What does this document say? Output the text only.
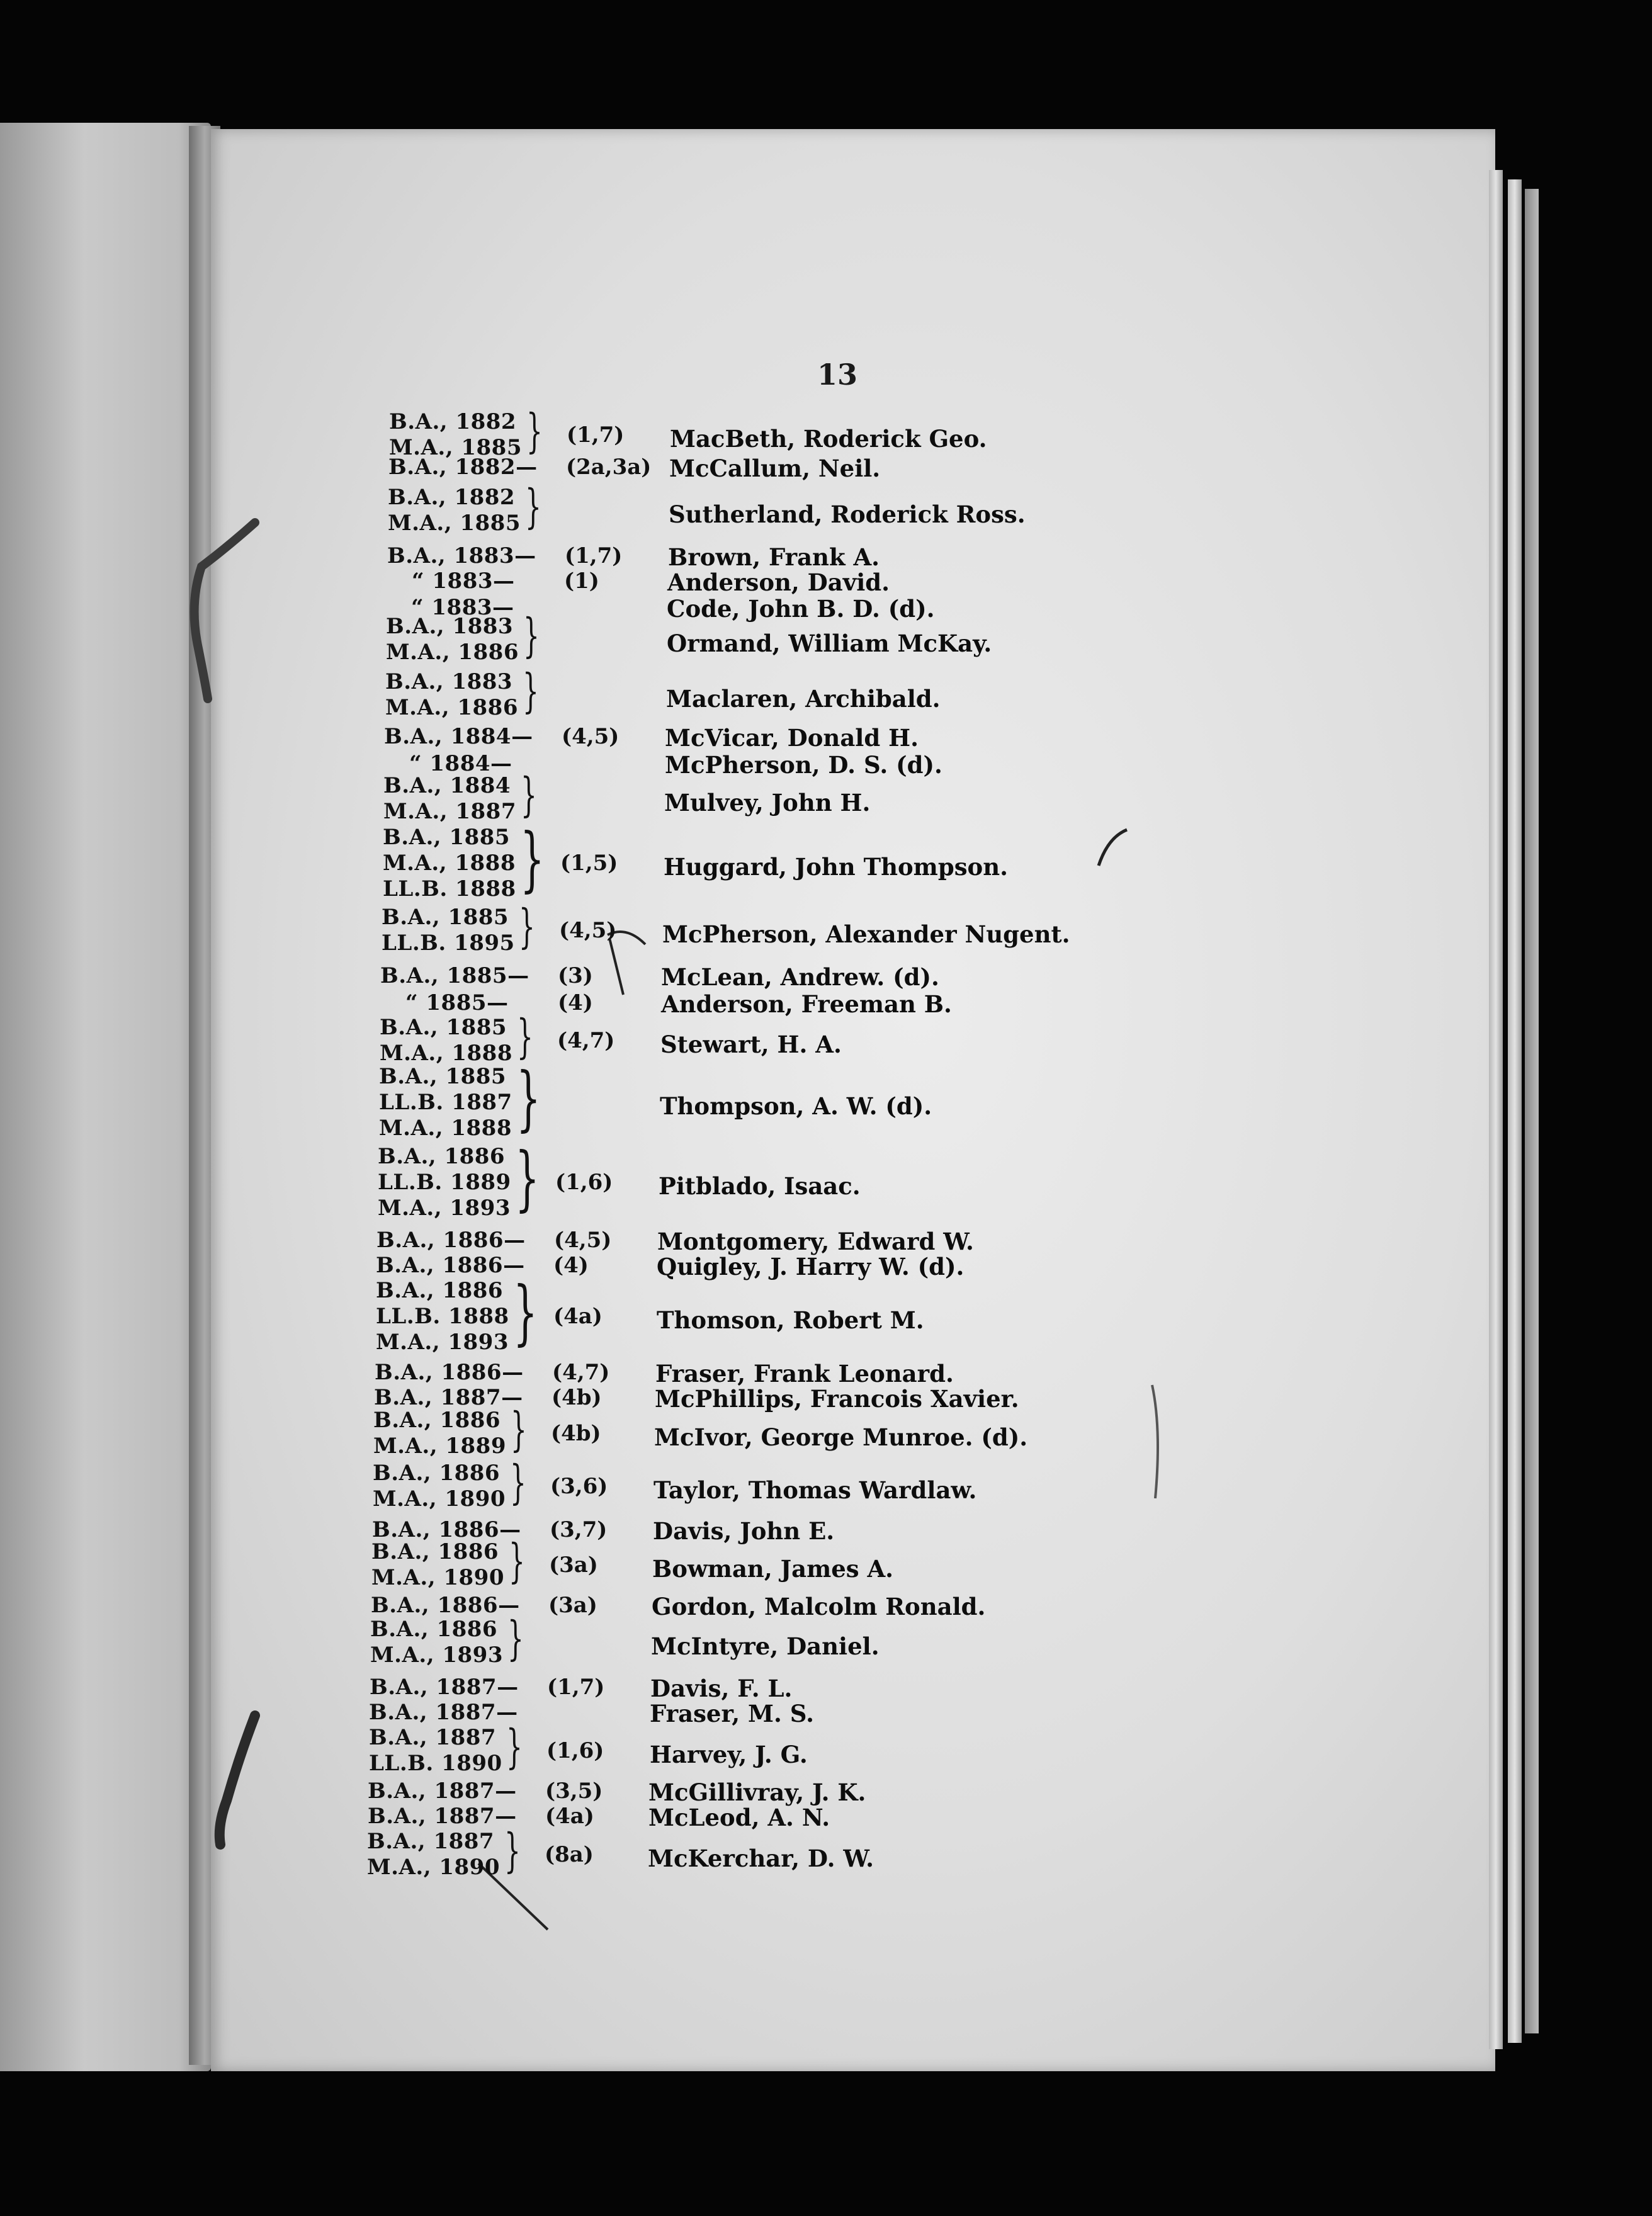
13
B.A., 1882
M.A., 1885 } (1,7) MacBeth, Roderick Geo.
B.A., 1882— (2a,3a) McCallum, Neil.
B.A., 1882
M.A., 1885 }	Sutherland, Roderick Ross.
B.A., 1883— (1,7) Brown, Frank A.
“ 1883— (1)	Anderson, David.
“ 1883—	Code, John B. D. (d).
B.A., 1883
M.A., 1886 }	Ormand, William McKay.
B.A., 1883
M.A., 1886 }	Maclaren, Archibald.
B.A., 1884— (4,5) McVicar, Donald H.
“ 1884—	McPherson, D. S. (d).
B.A., 1884
M.A., 1887 }	Mulvey, John H.
B.A., 1885
M.A., 1888
LL.B. 1888 } (1,5) Huggard, John Thompson.
B.A., 1885
LL.B. 1895 } (4,5) McPherson, Alexander Nugent.
B.A., 1885— (3)	McLean, Andrew. (d).
“ 1885— (4)	Anderson, Freeman B.
B.A., 1885
M.A., 1888 } (4,7) Stewart, H. A.
B.A., 1885
LL.B. 1887
M.A., 1888 }	Thompson, A. W. (d).
B.A., 1886
LL.B. 1889
M.A., 1893 } (1,6) Pitblado, Isaac.
B.A., 1886— (4,5) Montgomery, Edward W.
B.A., 1886— (4)	Quigley, J. Harry W. (d).
B.A., 1886
LL.B. 1888
M.A., 1893 } (4a) Thomson, Robert M.
B.A., 1886— (4,7) Fraser, Frank Leonard.
B.A., 1887— (4b) McPhillips, Francois Xavier.
B.A., 1886
M.A., 1889 } (4b) McIvor, George Munroe. (d).
B.A., 1886
M.A., 1890 } (3,6) Taylor, Thomas Wardlaw.
B.A., 1886— (3,7) Davis, John E.
B.A., 1886
M.A., 1890 } (3a) Bowman, James A.
B.A., 1886— (3a) Gordon, Malcolm Ronald.
B.A., 1886
M.A., 1893 }	McIntyre, Daniel.
B.A., 1887— (1,7) Davis, F. L.
B.A., 1887—	Fraser, M. S.
B.A., 1887
LL.B. 1890 } (1,6) Harvey, J. G.
B.A., 1887— (3,5) McGillivray, J. K.
B.A., 1887— (4a) McLeod, A. N.
B.A., 1887
M.A., 1890 } (8a) McKerchar, D. W.
